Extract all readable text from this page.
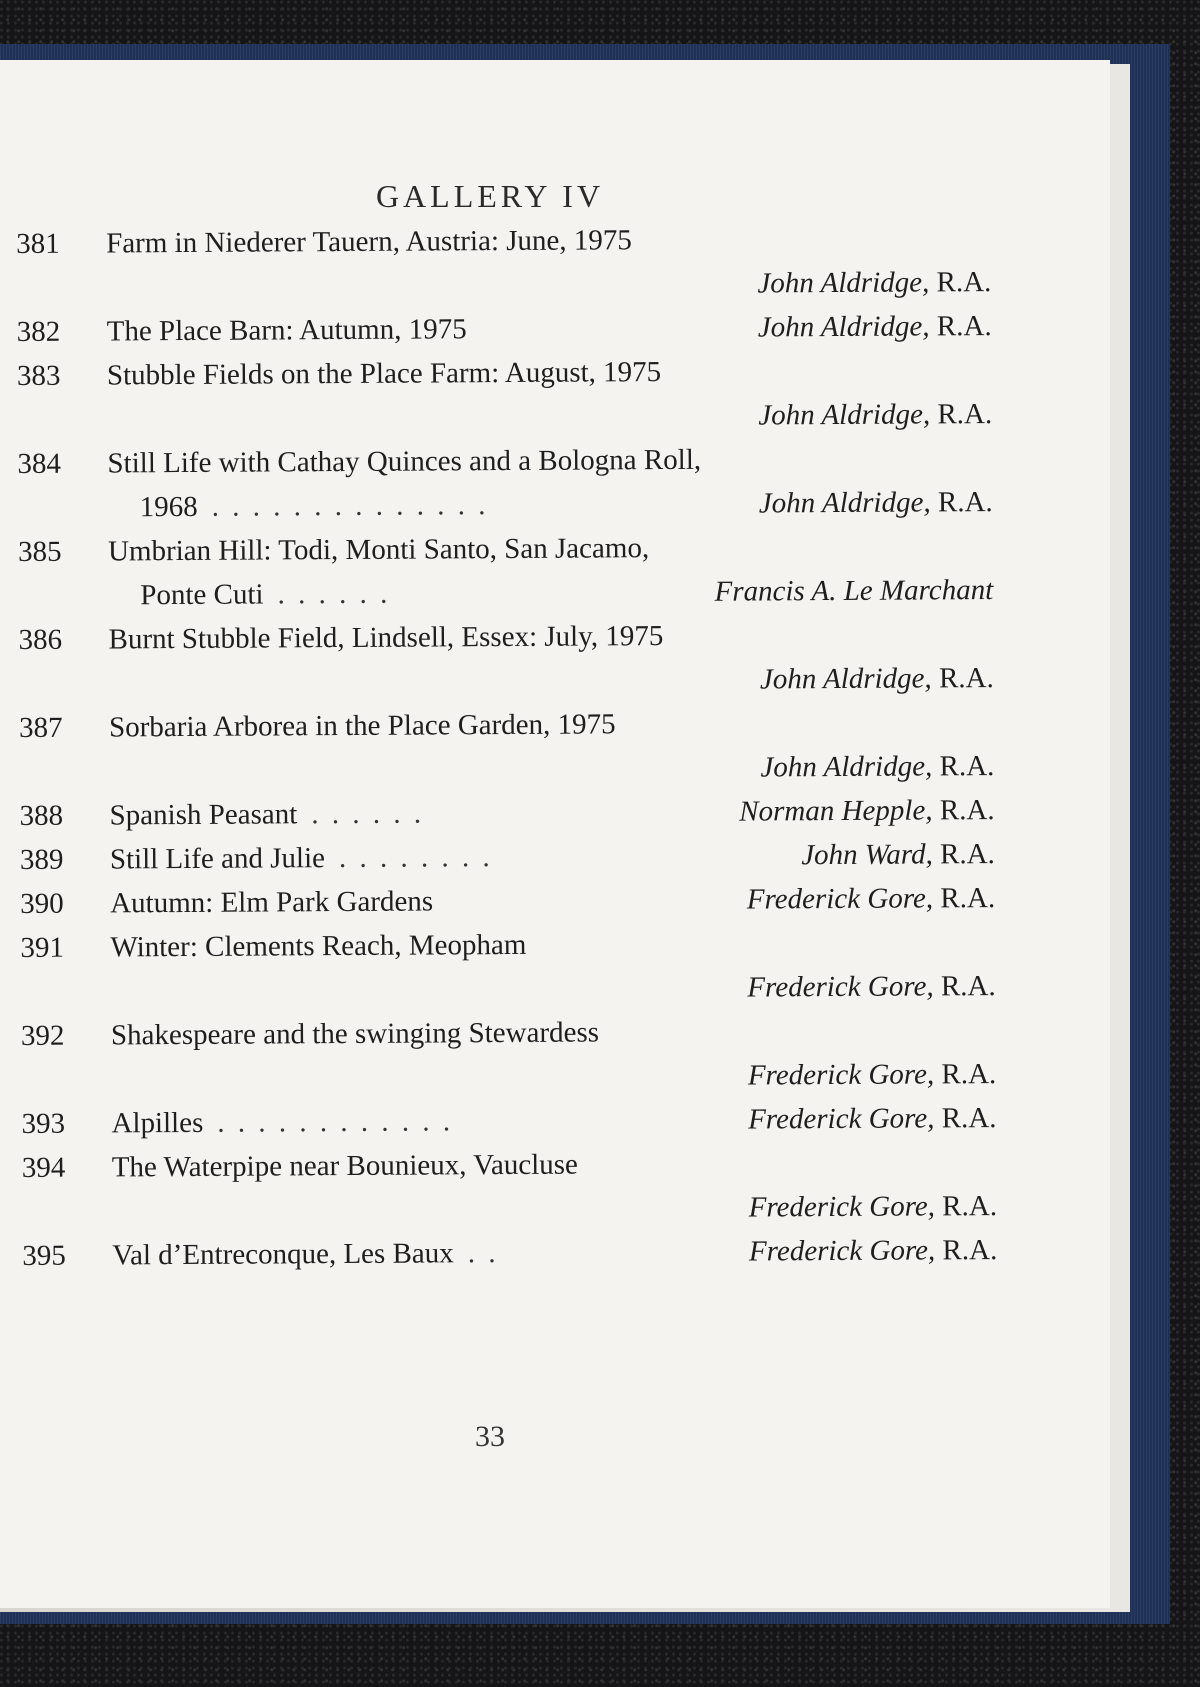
GALLERY IV
381	Farm in Niederer Tauern, Austria: June, 1975
John Aldridge, R.A.
382	The Place Barn: Autumn, 1975	John Aldridge, R.A.
383	Stubble Fields on the Place Farm: August, 1975
John Aldridge, R.A.
384	Still Life with Cathay Quinces and a Bologna Roll,
1968 . . . . . . . . . . . . . .	John Aldridge, R.A.
385	Umbrian Hill: Todi, Monti Santo, San Jacamo,
Ponte Cuti . . . . . .	Francis A. Le Marchant
386	Burnt Stubble Field, Lindsell, Essex: July, 1975
John Aldridge, R.A.
387	Sorbaria Arborea in the Place Garden, 1975
John Aldridge, R.A.
388	Spanish Peasant . . . . . .	Norman Hepple, R.A.
389	Still Life and Julie . . . . . . . .	John Ward, R.A.
390	Autumn: Elm Park Gardens	Frederick Gore, R.A.
391	Winter: Clements Reach, Meopham
Frederick Gore, R.A.
392	Shakespeare and the swinging Stewardess
Frederick Gore, R.A.
393	Alpilles . . . . . . . . . . . .	Frederick Gore, R.A.
394	The Waterpipe near Bounieux, Vaucluse
Frederick Gore, R.A.
395	Val d’Entreconque, Les Baux . .	Frederick Gore, R.A.
33
